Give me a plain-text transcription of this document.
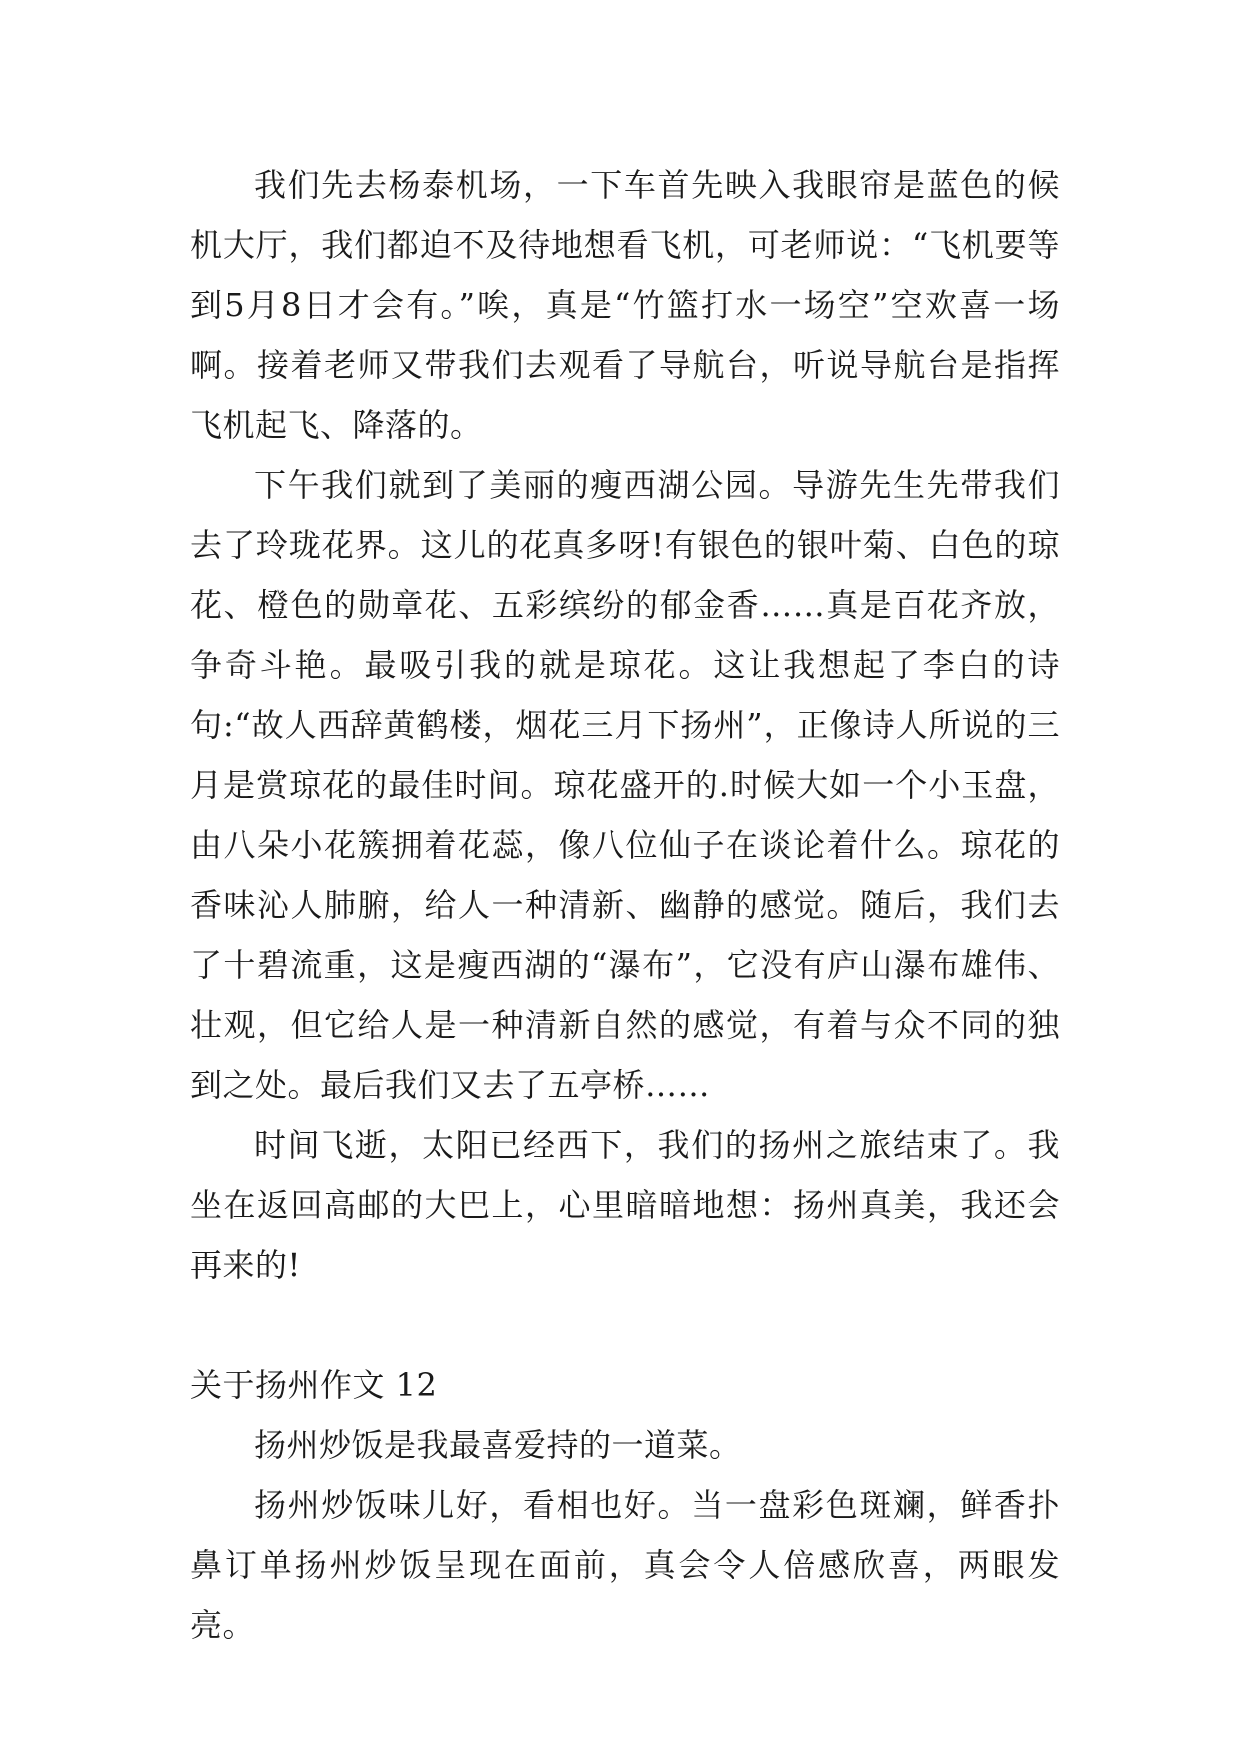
我们先去杨泰机场，一下车首先映入我眼帘是蓝色的候机大厅，我们都迫不及待地想看飞机，可老师说：“飞机要等到5月8日才会有。”唉，真是“竹篮打水一场空”空欢喜一场啊。接着老师又带我们去观看了导航台，听说导航台是指挥飞机起飞、降落的。

下午我们就到了美丽的瘦西湖公园。导游先生先带我们去了玲珑花界。这儿的花真多呀!有银色的银叶菊、白色的琼花、橙色的勋章花、五彩缤纷的郁金香……真是百花齐放，争奇斗艳。最吸引我的就是琼花。这让我想起了李白的诗句:“故人西辞黄鹤楼，烟花三月下扬州”，正像诗人所说的三月是赏琼花的最佳时间。琼花盛开的.时候大如一个小玉盘，由八朵小花簇拥着花蕊，像八位仙子在谈论着什么。琼花的香味沁人肺腑，给人一种清新、幽静的感觉。随后，我们去了十碧流重，这是瘦西湖的“瀑布”，它没有庐山瀑布雄伟、壮观，但它给人是一种清新自然的感觉，有着与众不同的独到之处。最后我们又去了五亭桥……

时间飞逝，太阳已经西下，我们的扬州之旅结束了。我坐在返回高邮的大巴上，心里暗暗地想：扬州真美，我还会再来的!

关于扬州作文 12

扬州炒饭是我最喜爱持的一道菜。

扬州炒饭味儿好，看相也好。当一盘彩色斑斓，鲜香扑鼻订单扬州炒饭呈现在面前，真会令人倍感欣喜，两眼发亮。
